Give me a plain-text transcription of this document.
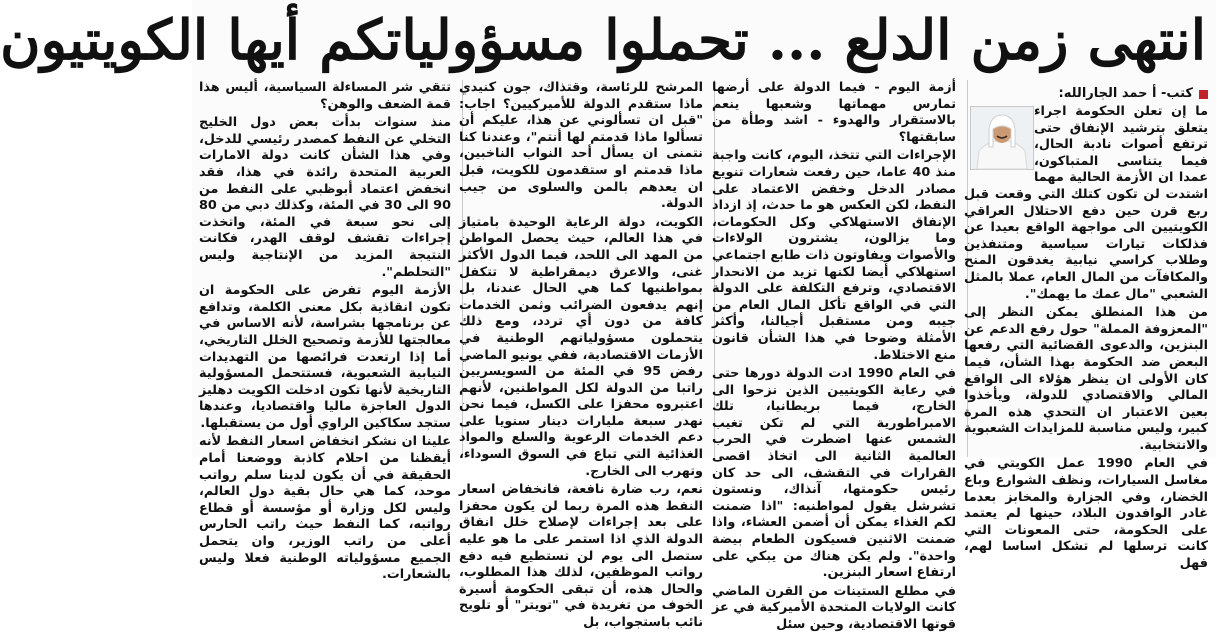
انتهى زمن الدلع ... تحملوا مسؤولياتكم أيها الكويتيون
كتب- أ حمد الجارالله:

ما إن تعلن الحكومة اجراء يتعلق بترشيد الإنفاق حتى ترتفع أصوات نادبة الحال، فيما يتناسى المتباكون، عمدا ان الأزمة الحالية مهما اشتدت لن تكون كتلك التي وقعت قبل ربع قرن حين دفع الاحتلال العراقي الكويتيين الى مواجهة الواقع بعيدا عن فذلكات تيارات سياسية ومتنفذين وطلاب كراسي نيابية يغدقون المنح والمكافآت من المال العام، عملا بالمثل الشعبي "مال عمك ما يهمك".

من هذا المنطلق يمكن النظر إلى "المعزوفة المملة" حول رفع الدعم عن البنزين، والدعوى القضائية التي رفعها البعض ضد الحكومة بهذا الشأن، فيما كان الأولى ان ينظر هؤلاء الى الواقع المالي والاقتصادي للدولة، ويأخذوا بعين الاعتبار ان التحدي هذه المرة كبير، وليس مناسبة للمزايدات الشعبوية والانتخابية.

في العام 1990 عمل الكويتي في مغاسل السيارات، ونظف الشوارع وباع الخضار، وفي الجزارة والمخابز بعدما غادر الوافدون البلاد، حينها لم يعتمد على الحكومة، حتى المعونات التي كانت ترسلها لم تشكل اساسا لهم، فهل

أزمة اليوم - فيما الدولة على أرضها تمارس مهماتها وشعبها ينعم بالاستقرار والهدوء - اشد وطأة من سابقتها؟

الإجراءات التي تتخذ، اليوم، كانت واجبة منذ 40 عاما، حين رفعت شعارات تنويع مصادر الدخل وخفض الاعتماد على النفط، لكن العكس هو ما حدث، إذ ازداد الإنفاق الاستهلاكي وكل الحكومات، وما يزالون، يشترون الولاءات والأصوات ويفاوتون ذات طابع اجتماعي استهلاكي أيضا لكنها تزيد من الانحدار الاقتصادي، وترفع التكلفة على الدولة التي في الواقع تأكل المال العام من جيبه ومن مستقبل أجيالنا، وأكثر الأمثلة وضوحا في هذا الشأن قانون منع الاختلاط.

في العام 1990 ادت الدولة دورها حتى في رعاية الكويتيين الذين نزحوا الى الخارج، فيما بريطانيا، تلك الامبراطورية التي لم تكن تغيب الشمس عنها اضطرت في الحرب العالمية الثانية الى اتخاذ اقصى القرارات في التقشف، الى حد كان رئيس حكومتها، آنذاك، ونستون تشرشل يقول لمواطنيه: "اذا ضمنت لكم الغذاء يمكن أن أضمن العشاء، واذا ضمنت الاثنين فسيكون الطعام بيضة واحدة". ولم يكن هناك من يبكي على ارتفاع اسعار البنزين.

في مطلع الستينات من القرن الماضي كانت الولايات المتحدة الأميركية في عز قوتها الاقتصادية، وحين سئل

المرشح للرئاسة، وقتذاك، جون كنيدي ماذا ستقدم الدولة للأميركيين؟ اجاب: "قبل ان تسألوني عن هذا، عليكم أن تسألوا ماذا قدمتم لها أنتم"، وعندنا كنا نتمنى ان يسأل أحد النواب الناخبين، ماذا قدمتم او ستقدمون للكويت، قبل ان يعدهم بالمن والسلوى من جيب الدولة.

الكويت، دولة الرعاية الوحيدة بامتياز في هذا العالم، حيث يحصل المواطن من المهد الى اللحد، فيما الدول الأكثر غنى، والاعرق ديمقراطية لا تتكفل بمواطنيها كما هي الحال عندنا، بل إنهم يدفعون الضرائب وثمن الخدمات كافة من دون أي تردد، ومع ذلك يتحملون مسؤولياتهم الوطنية في الأزمات الاقتصادية، ففي يونيو الماضي رفض 95 في المئة من السويسريين راتبا من الدولة لكل المواطنين، لأنهم اعتبروه محفزا على الكسل، فيما نحن نهدر سبعة مليارات دينار سنويا على دعم الخدمات الرعوية والسلع والمواد الغذائية التي تباع في السوق السوداء، وتهرب الى الخارج.

نعم، رب ضارة نافعة، فانخفاض اسعار النفط هذه المرة ربما لن يكون محفزا على بعد إجراءات لإصلاح خلل انفاق الدولة الذي اذا استمر على ما هو عليه ستصل الى يوم لن تستطيع فيه دفع رواتب الموظفين، لذلك هذا المطلوب، والحال هذه، أن تبقى الحكومة أسيرة الخوف من تغريدة في "تويتر" أو تلويح نائب باستجواب، بل

تتقي شر المساءلة السياسية، أليس هذا قمة الضعف والوهن؟

منذ سنوات بدأت بعض دول الخليج التخلي عن النفط كمصدر رئيسي للدخل، وفي هذا الشأن كانت دولة الامارات العربية المتحدة رائدة في هذا، فقد انخفض اعتماد أبوظبي على النفط من 90 الى 30 في المئة، وكذلك دبي من 80 إلى نحو سبعة في المئة، واتخذت إجراءات تقشف لوقف الهدر، فكانت النتيجة المزيد من الإنتاجية وليس "التحلطم".

الأزمة اليوم تفرض على الحكومة ان تكون انقاذية بكل معنى الكلمة، وتدافع عن برنامجها بشراسة، لأنه الاساس في معالجتها للأزمة وتصحيح الخلل التاريخي، أما إذا ارتعدت فرائصها من التهديدات النيابية الشعبوية، فستتحمل المسؤولية التاريخية لأنها تكون ادخلت الكويت دهليز الدول العاجزة ماليا واقتصاديا، وعندها ستجد سكاكين الراوي أول من يستقبلها.

علينا ان نشكر انخفاض اسعار النفط لأنه أيقظنا من احلام كاذبة ووضعنا أمام الحقيقة في أن يكون لدينا سلم رواتب موحد، كما هي حال بقية دول العالم، وليس لكل وزارة أو مؤسسة أو قطاع رواتبه، كما النفط حيث راتب الحارس أعلى من راتب الوزير، وان يتحمل الجميع مسؤولياته الوطنية فعلا وليس بالشعارات.
